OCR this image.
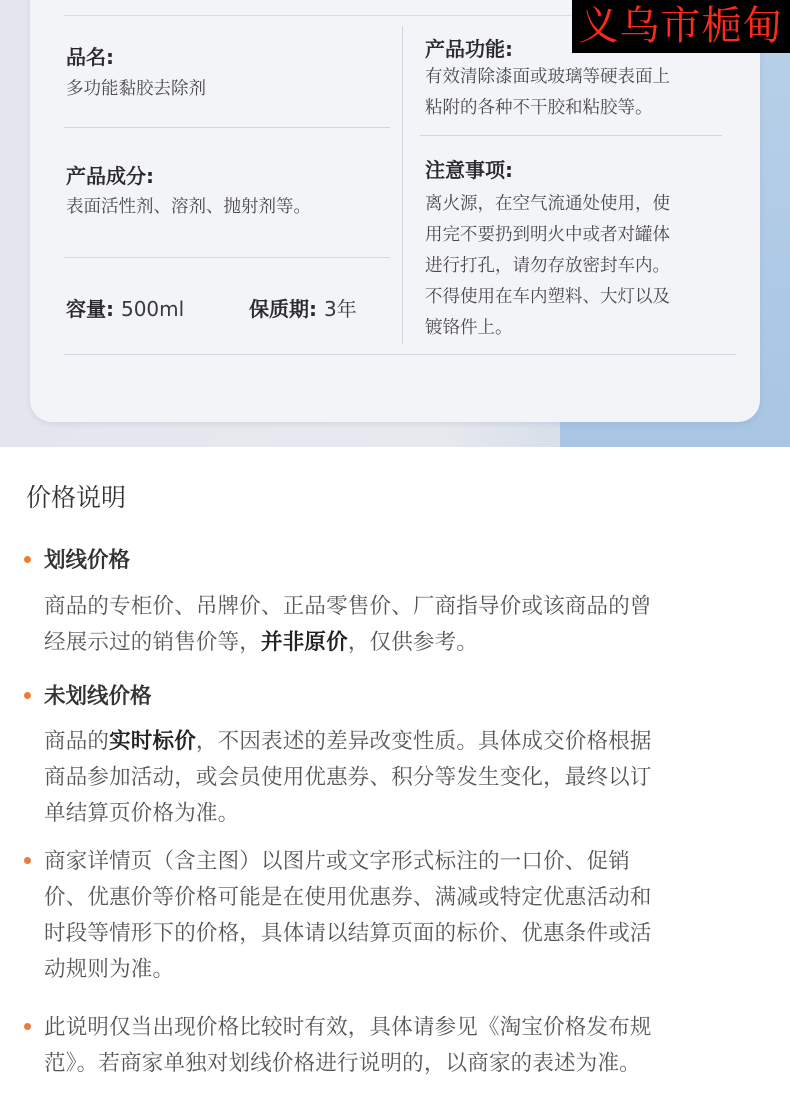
品名:
多功能黏胶去除剂
产品成分:
表面活性剂、溶剂、抛射剂等。
容量: 500ml	保质期: 3年
产品功能:
有效清除漆面或玻璃等硬表面上
粘附的各种不干胶和粘胶等。
注意事项:
离火源，在空气流通处使用，使
用完不要扔到明火中或者对罐体
进行打孔，请勿存放密封车内。
不得使用在车内塑料、大灯以及
镀铬件上。
义乌市梔甸
价格说明
划线价格
商品的专柜价、吊牌价、正品零售价、厂商指导价或该商品的曾
经展示过的销售价等，并非原价，仅供参考。
未划线价格
商品的实时标价，不因表述的差异改变性质。具体成交价格根据
商品参加活动，或会员使用优惠券、积分等发生变化，最终以订
单结算页价格为准。
商家详情页（含主图）以图片或文字形式标注的一口价、促销
价、优惠价等价格可能是在使用优惠券、满减或特定优惠活动和
时段等情形下的价格，具体请以结算页面的标价、优惠条件或活
动规则为准。
此说明仅当出现价格比较时有效，具体请参见《淘宝价格发布规
范》。若商家单独对划线价格进行说明的，以商家的表述为准。
